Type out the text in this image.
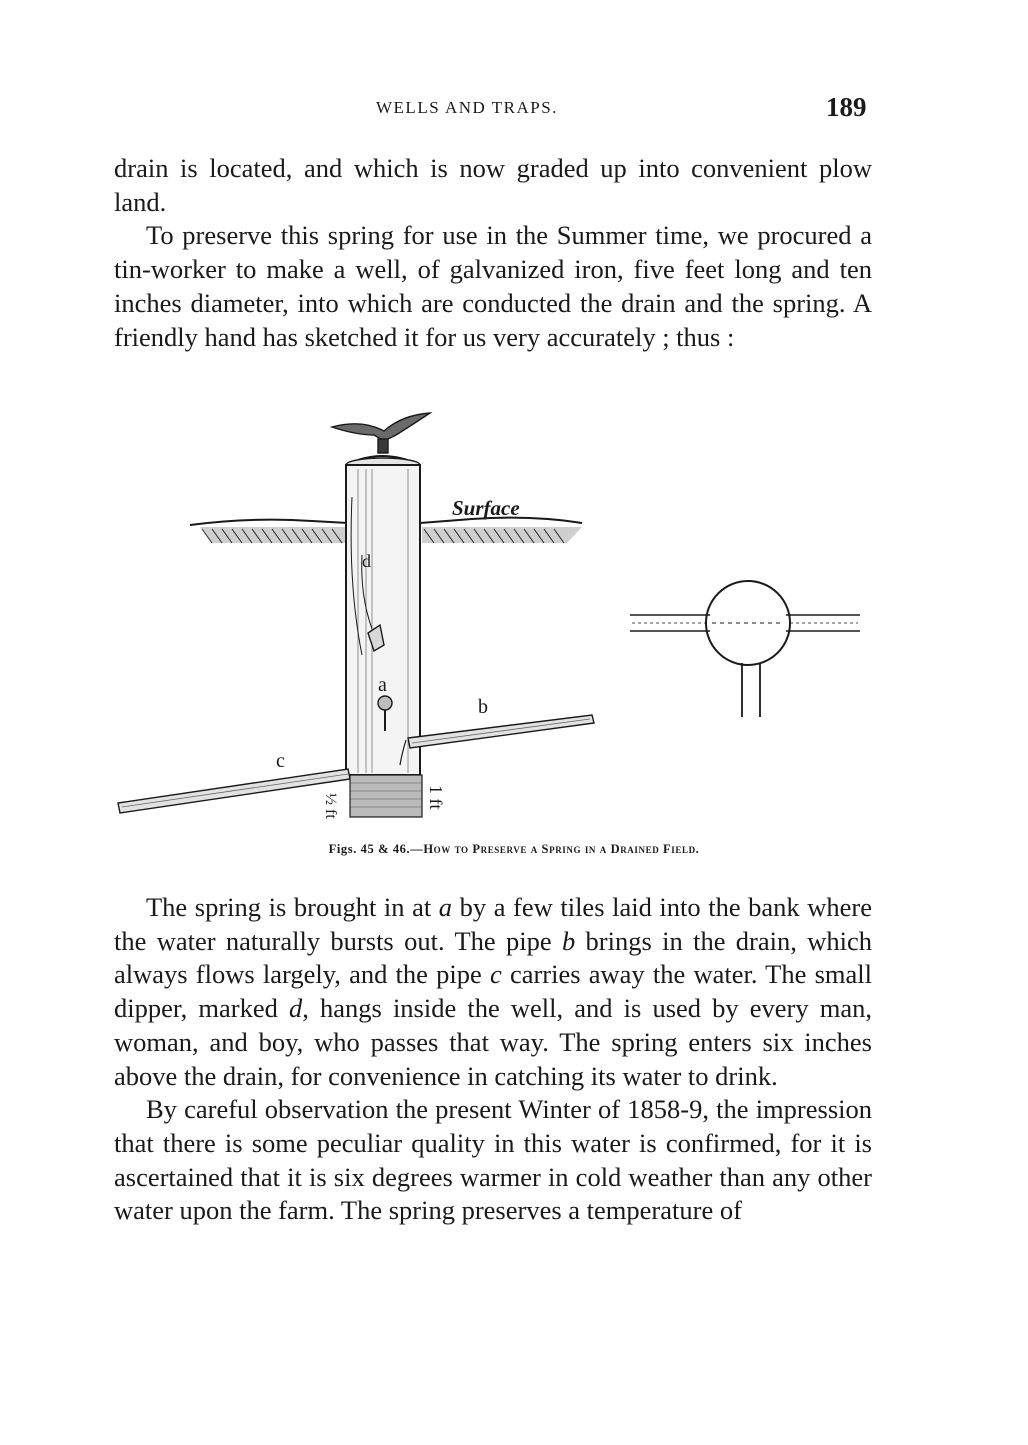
WELLS AND TRAPS.	189

drain is located, and which is now graded up into convenient plow land.

To preserve this spring for use in the Summer time, we procured a tin-worker to make a well, of galvanized iron, five feet long and ten inches diameter, into which are conducted the drain and the spring. A friendly hand has sketched it for us very accurately ; thus :

Surface
d
a
b
c
1 ft
½ ft
Figs. 45 & 46.—How to Preserve a Spring in a Drained Field.

The spring is brought in at a by a few tiles laid into the bank where the water naturally bursts out. The pipe b brings in the drain, which always flows largely, and the pipe c carries away the water. The small dipper, marked d, hangs inside the well, and is used by every man, woman, and boy, who passes that way. The spring enters six inches above the drain, for convenience in catching its water to drink.

By careful observation the present Winter of 1858-9, the impression that there is some peculiar quality in this water is confirmed, for it is ascertained that it is six degrees warmer in cold weather than any other water upon the farm. The spring preserves a temperature of
